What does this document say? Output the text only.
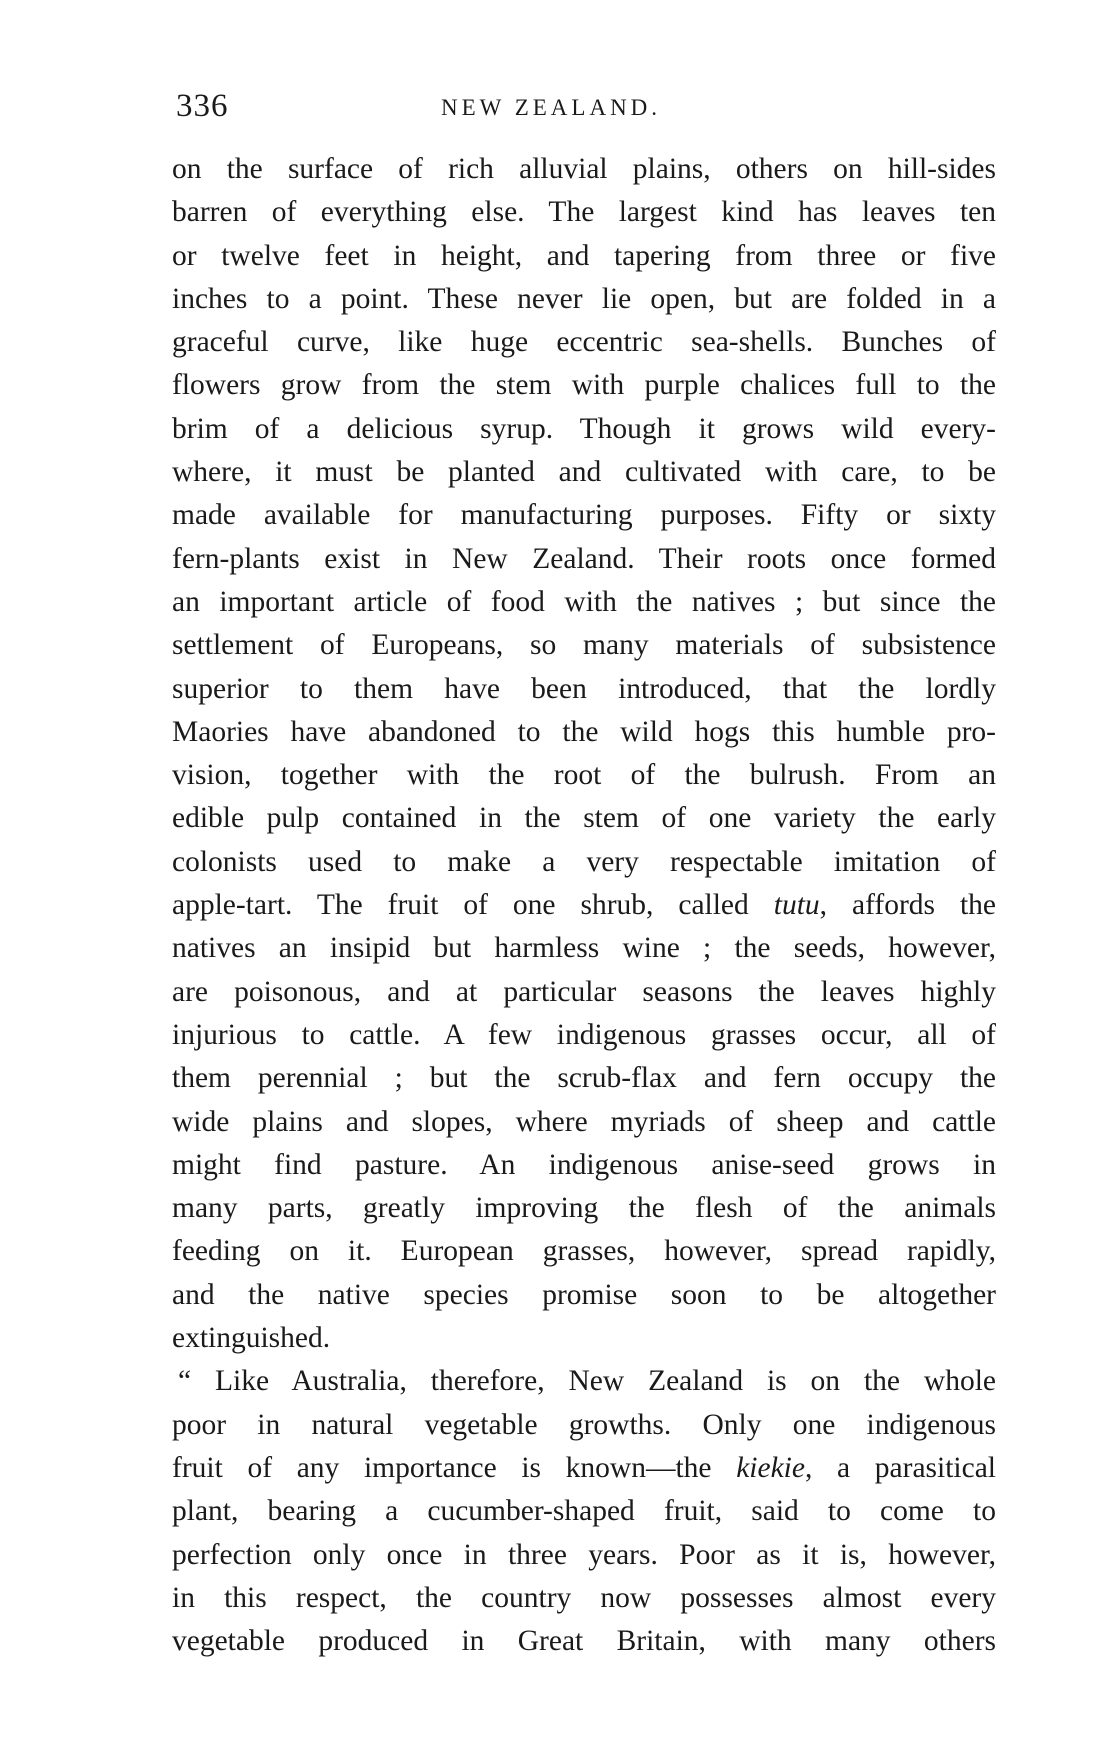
336	NEW ZEALAND.
on the surface of rich alluvial plains, others on hill-sides
barren of everything else. The largest kind has leaves ten
or twelve feet in height, and tapering from three or five
inches to a point. These never lie open, but are folded in a
graceful curve, like huge eccentric sea-shells. Bunches of
flowers grow from the stem with purple chalices full to the
brim of a delicious syrup. Though it grows wild every-
where, it must be planted and cultivated with care, to be
made available for manufacturing purposes. Fifty or sixty
fern-plants exist in New Zealand. Their roots once formed
an important article of food with the natives ; but since the
settlement of Europeans, so many materials of subsistence
superior to them have been introduced, that the lordly
Maories have abandoned to the wild hogs this humble pro-
vision, together with the root of the bulrush. From an
edible pulp contained in the stem of one variety the early
colonists used to make a very respectable imitation of
apple-tart. The fruit of one shrub, called tutu, affords the
natives an insipid but harmless wine ; the seeds, however,
are poisonous, and at particular seasons the leaves highly
injurious to cattle. A few indigenous grasses occur, all of
them perennial ; but the scrub-flax and fern occupy the
wide plains and slopes, where myriads of sheep and cattle
might find pasture. An indigenous anise-seed grows in
many parts, greatly improving the flesh of the animals
feeding on it. European grasses, however, spread rapidly,
and the native species promise soon to be altogether
extinguished.
“ Like Australia, therefore, New Zealand is on the whole
poor in natural vegetable growths. Only one indigenous
fruit of any importance is known—the kiekie, a parasitical
plant, bearing a cucumber-shaped fruit, said to come to
perfection only once in three years. Poor as it is, however,
in this respect, the country now possesses almost every
vegetable produced in Great Britain, with many others
